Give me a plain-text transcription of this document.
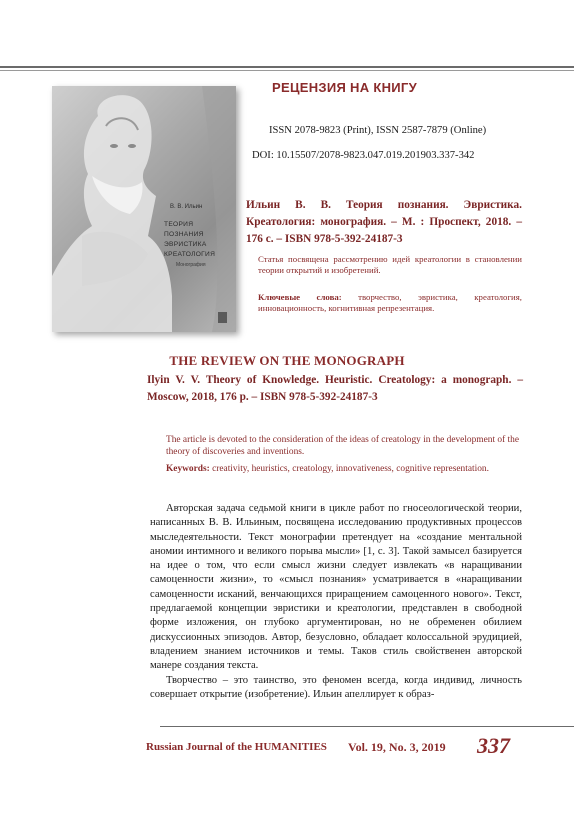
В. В. Ильин
ТЕОРИЯ ПОЗНАНИЯ
ЭВРИСТИКА
КРЕАТОЛОГИЯ
Монография
РЕЦЕНЗИЯ НА КНИГУ
ISSN 2078-9823 (Print), ISSN 2587-7879 (Online)
DOI: 10.15507/2078-9823.047.019.201903.337-342
Ильин В. В. Теория познания. Эвристика. Креатология: монография. – М. : Проспект, 2018. – 176 с. – ISBN 978-5-392-24187-3
Статья посвящена рассмотрению идей креатологии в становлении теории открытий и изобретений.
Ключевые слова: творчество, эвристика, креатология, инновационность, когнитивная репрезентация.
THE REVIEW ON THE MONOGRAPH
Ilyin V. V. Theory of Knowledge. Heuristic. Creatology: a monograph. – Moscow, 2018, 176 p. – ISBN 978-5-392-24187-3
The article is devoted to the consideration of the ideas of creatology in the development of the theory of discoveries and inventions.
Keywords: creativity, heuristics, creatology, innovativeness, cognitive representation.

Авторская задача седьмой книги в цикле работ по гносеологической теории, написанных В. В. Ильиным, посвящена исследованию продуктивных процессов мыследеятельности. Текст монографии претендует на «создание ментальной аномии интимного и великого порыва мысли» [1, с. 3]. Такой замысел базируется на идее о том, что если смысл жизни следует извлекать «в наращивании самоценности жизни», то «смысл познания» усматривается в «наращивании самоценности исканий, венчающихся приращением самоценного нового». Текст, предлагаемой концепции эвристики и креатологии, представлен в свободной форме изложения, он глубоко аргументирован, но не обременен обилием дискуссионных эпизодов. Автор, безусловно, обладает колоссальной эрудицией, владением знанием источников и темы. Таков стиль свойственен авторской манере создания текста.

Творчество – это таинство, это феномен всегда, когда индивид, личность совершает открытие (изобретение). Ильин апеллирует к образ-

Russian Journal of the HUMANITIES Vol. 19, No. 3, 2019 337
